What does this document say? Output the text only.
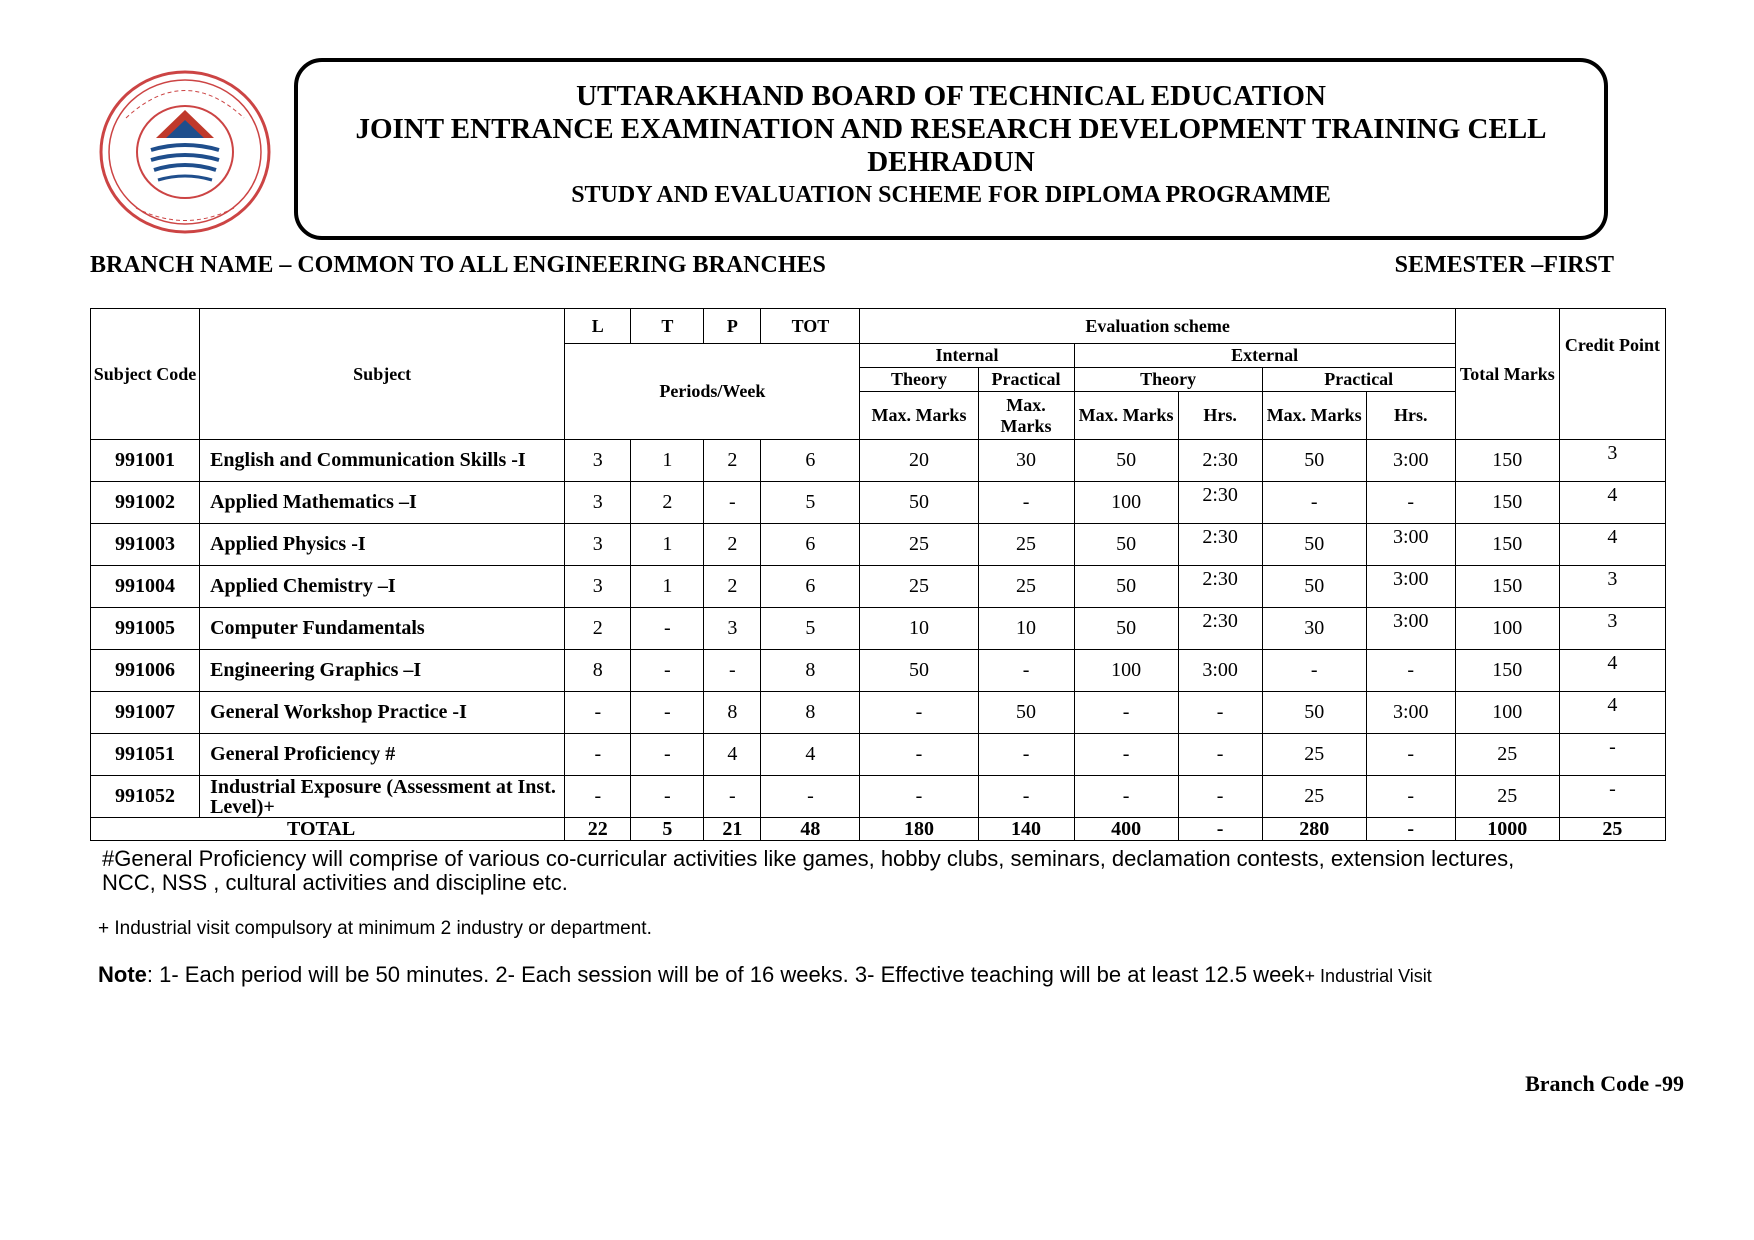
UTTARAKHAND BOARD OF TECHNICAL EDUCATION
JOINT ENTRANCE EXAMINATION AND RESEARCH DEVELOPMENT TRAINING CELL
DEHRADUN
STUDY AND EVALUATION SCHEME FOR DIPLOMA PROGRAMME
BRANCH NAME – COMMON TO ALL ENGINEERING BRANCHES	SEMESTER –FIRST
Subject Code	Subject	L	T	P	TOT	Evaluation scheme						Total Marks	Credit Point
		Periods/Week				Internal		External					
						Theory	Practical	Theory		Practical			
						Max. Marks	Max. Marks	Max. Marks	Hrs.	Max. Marks	Hrs.		

991001	English and Communication Skills -I	3	1	2	6	20	30	50	2:30	50	3:00	150	3
991002	Applied Mathematics –I	3	2	-	5	50	-	100	2:30	-	-	150	4
991003	Applied Physics -I	3	1	2	6	25	25	50	2:30	50	3:00	150	4
991004	Applied Chemistry –I	3	1	2	6	25	25	50	2:30	50	3:00	150	3
991005	Computer Fundamentals	2	-	3	5	10	10	50	2:30	30	3:00	100	3
991006	Engineering Graphics –I	8	-	-	8	50	-	100	3:00	-	-	150	4
991007	General Workshop Practice -I	-	-	8	8	-	50	-	-	50	3:00	100	4
991051	General Proficiency #	-	-	4	4	-	-	-	-	25	-	25	-
991052	Industrial Exposure (Assessment at Inst. Level)+	-	-	-	-	-	-	-	-	25	-	25	-
TOTAL		22	5	21	48	180	140	400	-	280	-	1000	25
#General Proficiency will comprise of various co-curricular activities like games, hobby clubs, seminars, declamation contests, extension lectures, NCC, NSS , cultural activities and discipline etc.
+ Industrial visit compulsory at minimum 2 industry or department.
Note: 1- Each period will be 50 minutes. 2- Each session will be of 16 weeks. 3- Effective teaching will be at least 12.5 week+ Industrial Visit
Branch Code -99
